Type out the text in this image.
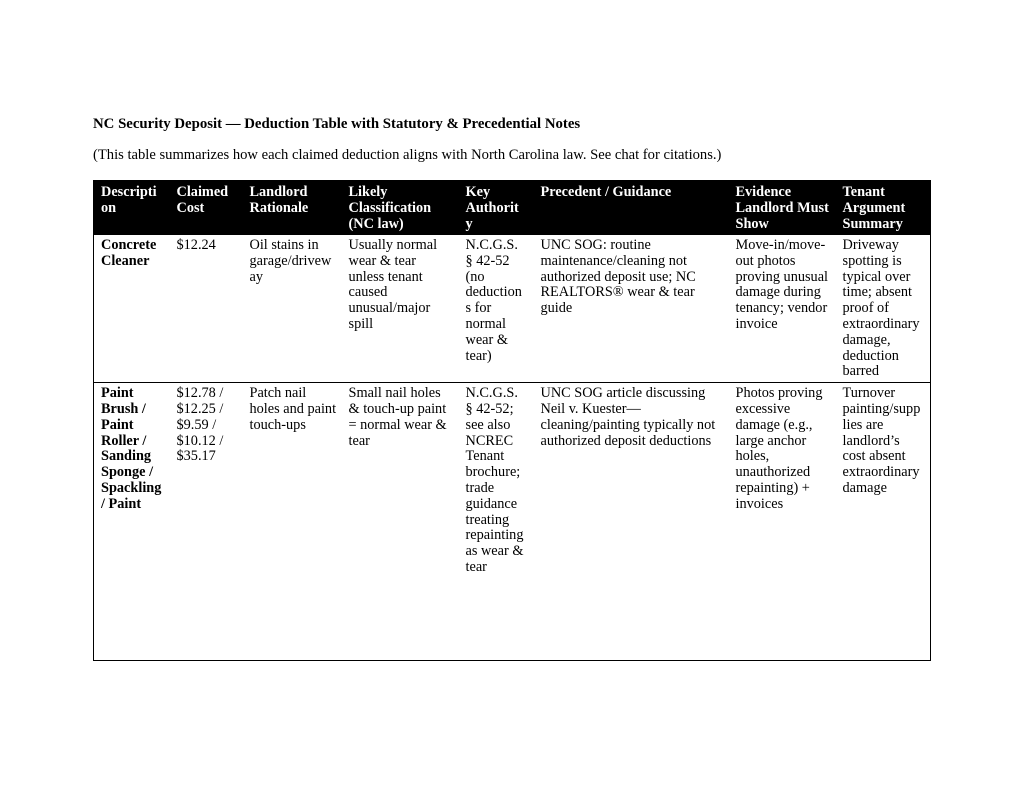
NC Security Deposit — Deduction Table with Statutory & Precedential Notes
(This table summarizes how each claimed deduction aligns with North Carolina law. See chat for citations.)
Description	Claimed Cost	Landlord Rationale	Likely Classification (NC law)	Key Authority	Precedent / Guidance	Evidence Landlord Must Show	Tenant Argument Summary
Concrete Cleaner	$12.24	Oil stains in garage/driveway	Usually normal wear & tear unless tenant caused unusual/major spill	N.C.G.S. § 42-52 (no deductions for normal wear & tear)	UNC SOG: routine maintenance/cleaning not authorized deposit use; NC REALTORS® wear & tear guide	Move-in/move-out photos proving unusual damage during tenancy; vendor invoice	Driveway spotting is typical over time; absent proof of extraordinary damage, deduction barred
Paint Brush / Paint Roller / Sanding Sponge / Spackling / Paint	$12.78 / $12.25 / $9.59 / $10.12 / $35.17	Patch nail holes and paint touch-ups	Small nail holes & touch-up paint = normal wear & tear	N.C.G.S. § 42-52; see also NCREC Tenant brochure; trade guidance treating repainting as wear & tear	UNC SOG article discussing Neil v. Kuester—cleaning/painting typically not authorized deposit deductions	Photos proving excessive damage (e.g., large anchor holes, unauthorized repainting) + invoices	Turnover painting/supplies are landlord’s cost absent extraordinary damage
